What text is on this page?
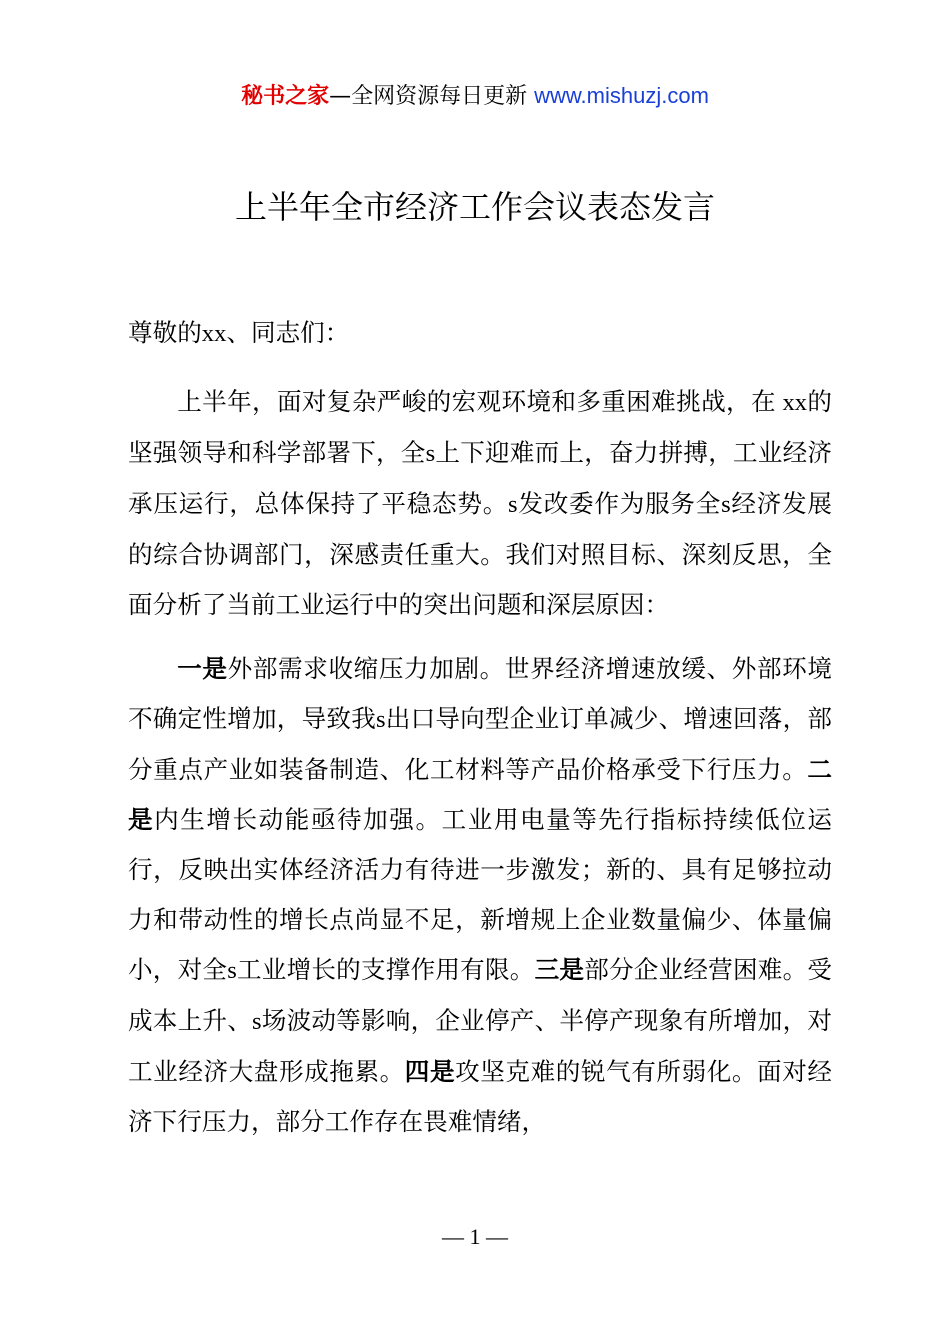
秘书之家—全网资源每日更新 www.mishuzj.com
上半年全市经济工作会议表态发言

尊敬的xx、同志们：

上半年，面对复杂严峻的宏观环境和多重困难挑战，在 xx的坚强领导和科学部署下，全s上下迎难而上，奋力拼搏，工业经济承压运行，总体保持了平稳态势。s发改委作为服务全s经济发展的综合协调部门，深感责任重大。我们对照目标、深刻反思，全面分析了当前工业运行中的突出问题和深层原因：

一是外部需求收缩压力加剧。世界经济增速放缓、外部环境不确定性增加，导致我s出口导向型企业订单减少、增速回落，部分重点产业如装备制造、化工材料等产品价格承受下行压力。二是内生增长动能亟待加强。工业用电量等先行指标持续低位运行，反映出实体经济活力有待进一步激发；新的、具有足够拉动力和带动性的增长点尚显不足，新增规上企业数量偏少、体量偏小，对全s工业增长的支撑作用有限。三是部分企业经营困难。受成本上升、s场波动等影响，企业停产、半停产现象有所增加，对工业经济大盘形成拖累。四是攻坚克难的锐气有所弱化。面对经济下行压力，部分工作存在畏难情绪，

— 1 —
